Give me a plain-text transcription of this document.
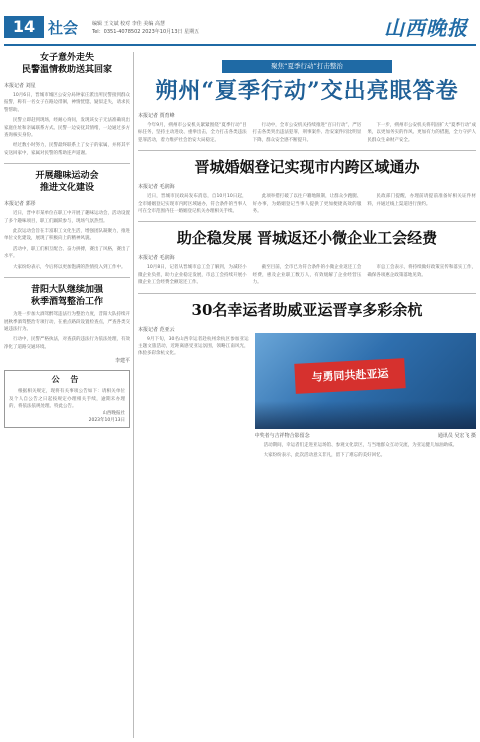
14 社会	编辑 王文斌 校对 李佳 美编 高慧
Tel：0351-4078502 2023年10月13日 星期五	山西晚报
女子意外走失
民警温情救助送其回家
本报记者 刘星

10月6日，晋城市城区公安分局钟家庄派出所民警接到群众报警，称有一名女子在路边徘徊，神情恍惚，疑似走失，请求民警帮助。

民警立即赶到现场，经耐心询问，发现该女子无法准确说出家庭住址和亲属联系方式。民警一边安抚其情绪，一边通过多方查询核实身份。

经过数小时努力，民警最终联系上了女子的家属，并将其平安送回家中，家属对民警的帮助连声道谢。

开展趣味运动会
推进文化建设
本报记者 郭彤

近日，晋中市某单位在职工中开展了趣味运动会，活动设置了多个趣味项目，职工们踊跃参与，现场气氛热烈。

此次运动会旨在丰富职工文化生活，增强团队凝聚力，推进单位文化建设，展现了积极向上的精神风貌。

活动中，职工们相互配合、奋力拼搏，赛出了风格，赛出了水平。

大家纷纷表示，今后将以更加饱满的热情投入到工作中。

昔阳大队继续加强
秋季酒驾整治工作

为进一步加大酒驾醉驾违法行为整治力度，昔阳大队持续开展秋季酒驾整治专项行动，在重点路段设置检查点，严查各类交通违法行为。

行动中，民警严格执法，对查获的违法行为依法处理，有效净化了道路交通环境。

李建平
公 告

根据相关规定，现将有关事项公告如下：请相关单位及个人自公告之日起按规定办理相关手续，逾期未办理的，将依法依规处理。特此公告。

山西晚报社
2023年10月13日
聚焦“夏季行动”打击整治
朔州“夏季行动”交出亮眼答卷
本报记者 贾育峰

今年9月，朔州市公安机关紧紧围绕“夏季行动”目标任务，坚持主动进攻、重拳出击，全力打击各类违法犯罪活动，着力维护社会治安大局稳定。

行动中，全市公安机关持续推进“百日行动”，严厉打击各类突出违法犯罪，刑事案件、治安案件同比明显下降，群众安全感不断提升。

下一步，朔州市公安机关将巩固扩大“夏季行动”成果，以更加务实的作风、更加有力的措施，全力守护人民群众生命财产安全。

晋城婚姻登记实现市内跨区域通办
本报记者 毛润海

近日，晋城市民政局发布消息，自10月10日起，全市婚姻登记实现市内跨区域通办，符合条件的当事人可在全市范围内任一婚姻登记机关办理相关手续。

此项举措打破了以往户籍地限制，让群众少跑腿、好办事，为婚姻登记当事人提供了更加便捷高效的服务。

民政部门提醒，办理前请提前准备好相关证件材料，并通过线上渠道进行预约。

助企稳发展 晋城返还小微企业工会经费
本报记者 毛润海

10月8日，记者从晋城市总工会了解到，为减轻小微企业负担，助力企业稳定发展，市总工会持续开展小微企业工会经费全额返还工作。

截至目前，全市已为符合条件的小微企业返还工会经费，惠及企业职工数万人，有效缓解了企业经营压力。

市总工会表示，将持续做好政策宣传和落实工作，确保各项惠企政策落地见效。

30名幸运者助威亚运晋享多彩余杭
本报记者 范亚云

9月下旬，30名山西幸运者赴杭州余杭区参加亚运主题文旅活动，近距离感受亚运氛围，领略江南风光，体验多彩余杭文化。

与勇同共赴亚运
中奖者与吉祥物合影留念	通讯员 吴宏飞 摄

活动期间，幸运者们走进亚运场馆、参观文化景区，与当地群众互动交流，为亚运健儿加油助威。

大家纷纷表示，此次活动意义非凡，留下了难忘的美好回忆。
